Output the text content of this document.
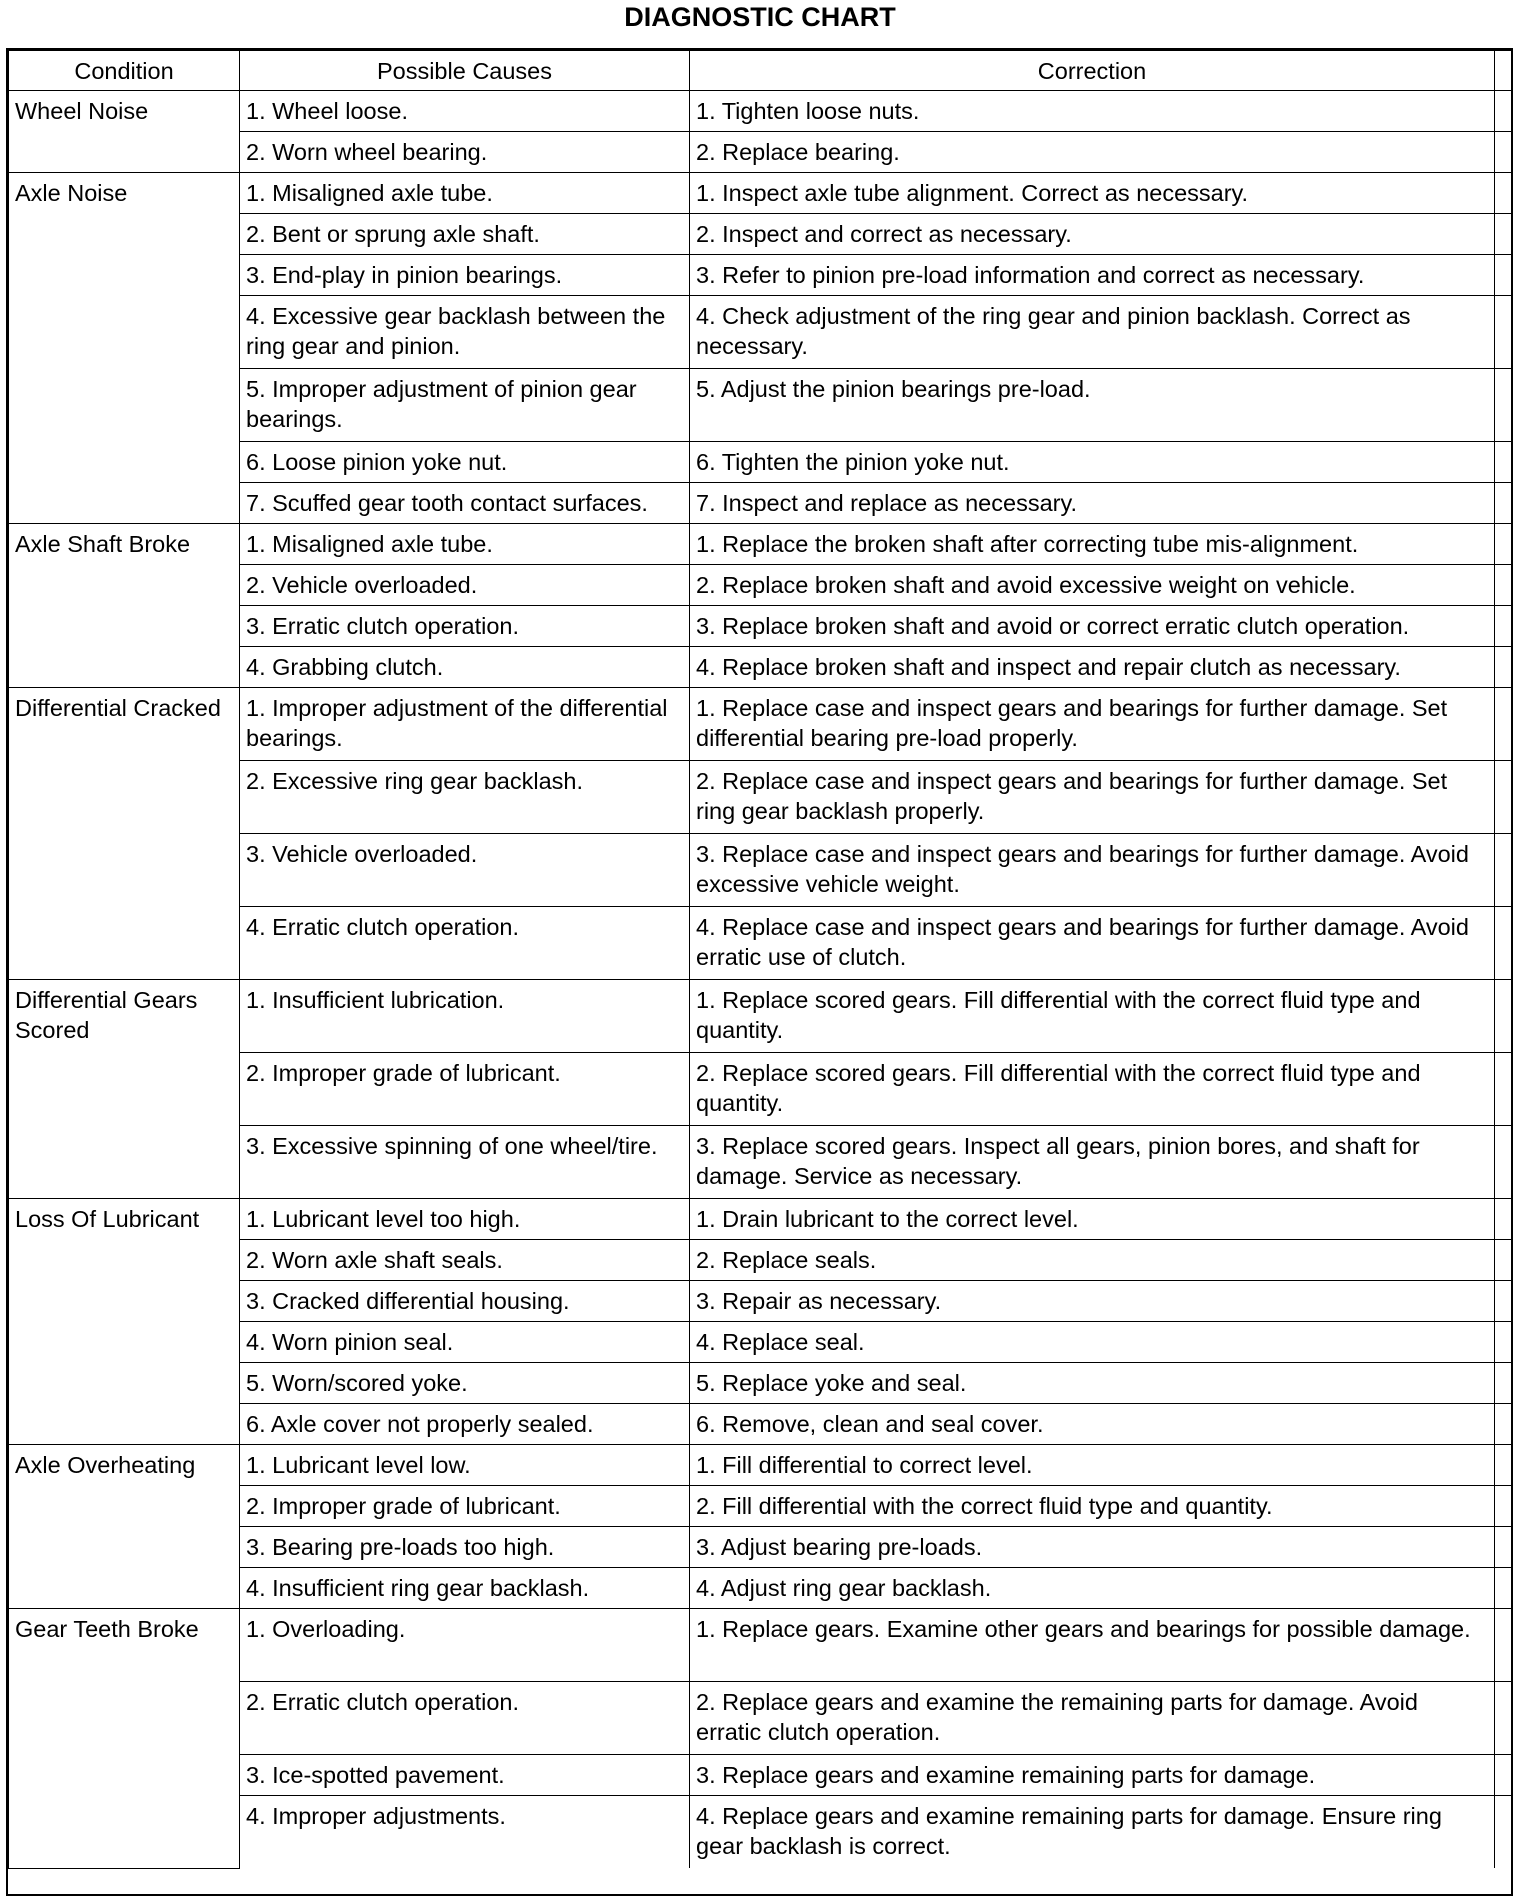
DIAGNOSTIC CHART
Condition	Possible Causes	Correction	
Wheel Noise	1. Wheel loose.	1. Tighten loose nuts.	
	2. Worn wheel bearing.	2. Replace bearing.	
Axle Noise	1. Misaligned axle tube.	1. Inspect axle tube alignment. Correct as necessary.	
	2. Bent or sprung axle shaft.	2. Inspect and correct as necessary.	
	3. End-play in pinion bearings.	3. Refer to pinion pre-load information and correct as necessary.	
	4. Excessive gear backlash between the ring gear and pinion.	4. Check adjustment of the ring gear and pinion backlash. Correct as necessary.	
	5. Improper adjustment of pinion gear bearings.	5. Adjust the pinion bearings pre-load.	
	6. Loose pinion yoke nut.	6. Tighten the pinion yoke nut.	
	7. Scuffed gear tooth contact surfaces.	7. Inspect and replace as necessary.	
Axle Shaft Broke	1. Misaligned axle tube.	1. Replace the broken shaft after correcting tube mis-alignment.	
	2. Vehicle overloaded.	2. Replace broken shaft and avoid excessive weight on vehicle.	
	3. Erratic clutch operation.	3. Replace broken shaft and avoid or correct erratic clutch operation.	
	4. Grabbing clutch.	4. Replace broken shaft and inspect and repair clutch as necessary.	
Differential Cracked	1. Improper adjustment of the differential bearings.	1. Replace case and inspect gears and bearings for further damage. Set differential bearing pre-load properly.	
	2. Excessive ring gear backlash.	2. Replace case and inspect gears and bearings for further damage. Set ring gear backlash properly.	
	3. Vehicle overloaded.	3. Replace case and inspect gears and bearings for further damage. Avoid excessive vehicle weight.	
	4. Erratic clutch operation.	4. Replace case and inspect gears and bearings for further damage. Avoid erratic use of clutch.	
Differential Gears Scored	1. Insufficient lubrication.	1. Replace scored gears. Fill differential with the correct fluid type and quantity.	
	2. Improper grade of lubricant.	2. Replace scored gears. Fill differential with the correct fluid type and quantity.	
	3. Excessive spinning of one wheel/tire.	3. Replace scored gears. Inspect all gears, pinion bores, and shaft for damage. Service as necessary.	
Loss Of Lubricant	1. Lubricant level too high.	1. Drain lubricant to the correct level.	
	2. Worn axle shaft seals.	2. Replace seals.	
	3. Cracked differential housing.	3. Repair as necessary.	
	4. Worn pinion seal.	4. Replace seal.	
	5. Worn/scored yoke.	5. Replace yoke and seal.	
	6. Axle cover not properly sealed.	6. Remove, clean and seal cover.	
Axle Overheating	1. Lubricant level low.	1. Fill differential to correct level.	
	2. Improper grade of lubricant.	2. Fill differential with the correct fluid type and quantity.	
	3. Bearing pre-loads too high.	3. Adjust bearing pre-loads.	
	4. Insufficient ring gear backlash.	4. Adjust ring gear backlash.	
Gear Teeth Broke	1. Overloading.	1. Replace gears. Examine other gears and bearings for possible damage.	
	2. Erratic clutch operation.	2. Replace gears and examine the remaining parts for damage. Avoid erratic clutch operation.	
	3. Ice-spotted pavement.	3. Replace gears and examine remaining parts for damage.	
	4. Improper adjustments.	4. Replace gears and examine remaining parts for damage. Ensure ring gear backlash is correct.	
